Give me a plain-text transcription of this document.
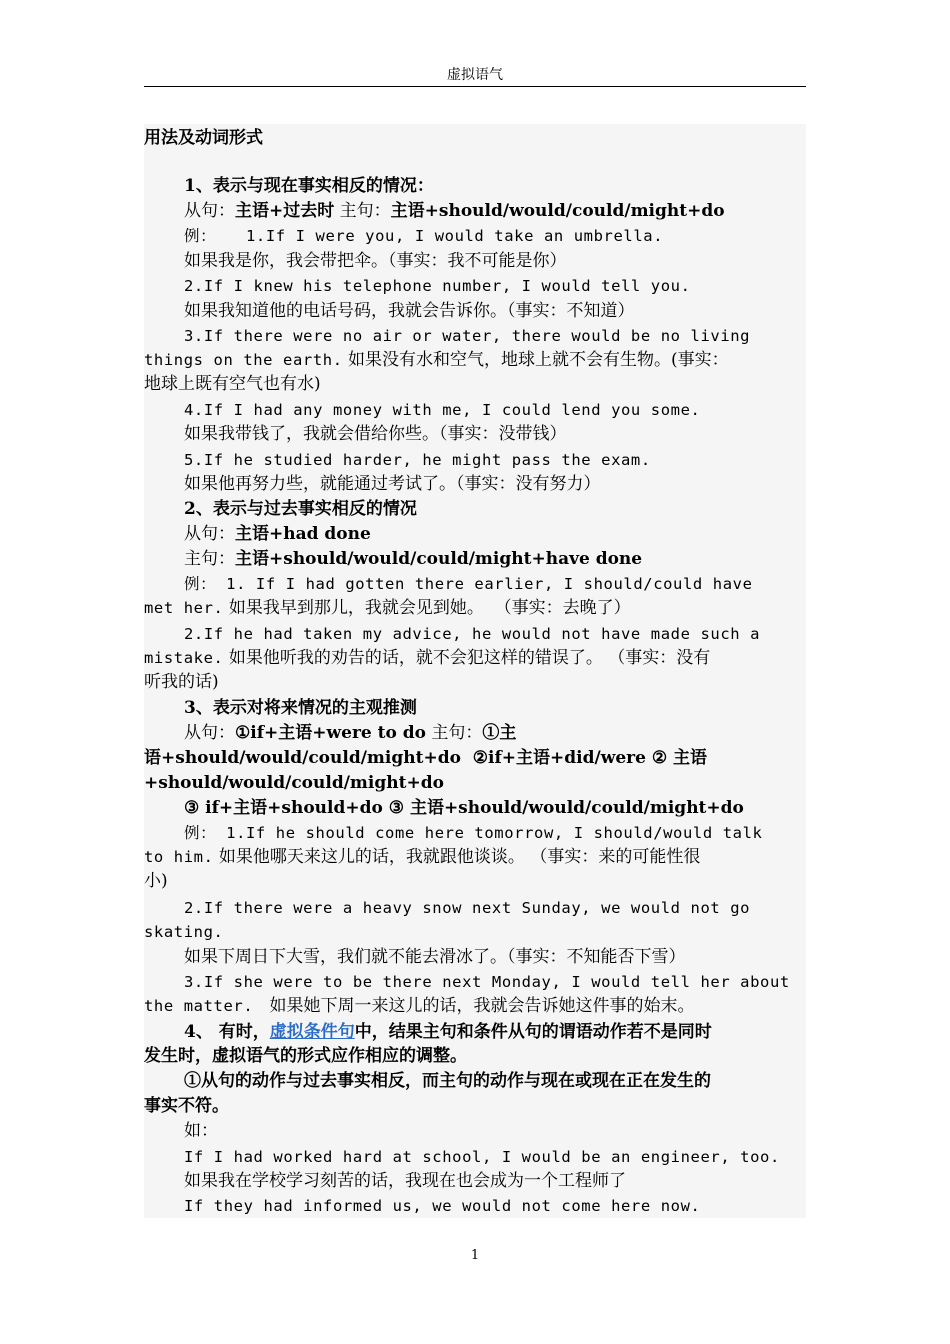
虚拟语气
用法及动词形式
1、表示与现在事实相反的情况：
从句：主语+过去时 主句：主语+should/would/could/might+do
例：   1.If I were you, I would take an umbrella.
如果我是你，我会带把伞。（事实：我不可能是你）
2.If I knew his telephone number, I would tell you.
如果我知道他的电话号码，我就会告诉你。（事实：不知道）
3.If there were no air or water, there would be no living
things on the earth. 如果没有水和空气，地球上就不会有生物。(事实：
地球上既有空气也有水)
4.If I had any money with me, I could lend you some.
如果我带钱了，我就会借给你些。（事实：没带钱）
5.If he studied harder, he might pass the exam.
如果他再努力些，就能通过考试了。（事实：没有努力）
2、表示与过去事实相反的情况
从句：主语+had done
主句：主语+should/would/could/might+have done
例： 1. If I had gotten there earlier, I should/could have
met her. 如果我早到那儿，我就会见到她。  （事实：去晚了）
2.If he had taken my advice, he would not have made such a
mistake. 如果他听我的劝告的话，就不会犯这样的错误了。 （事实：没有
听我的话)
3、表示对将来情况的主观推测
从句：①if+主语+were to do 主句：①主
语+should/would/could/might+do  ②if+主语+did/were ② 主语
+should/would/could/might+do
③ if+主语+should+do ③ 主语+should/would/could/might+do
例： 1.If he should come here tomorrow, I should/would talk
to him. 如果他哪天来这儿的话，我就跟他谈谈。 （事实：来的可能性很
小)
2.If there were a heavy snow next Sunday, we would not go
skating.
如果下周日下大雪，我们就不能去滑冰了。（事实：不知能否下雪）
3.If she were to be there next Monday, I would tell her about
the matter.   如果她下周一来这儿的话，我就会告诉她这件事的始末。
4、 有时，虚拟条件句中，结果主句和条件从句的谓语动作若不是同时
发生时，虚拟语气的形式应作相应的调整。
①从句的动作与过去事实相反，而主句的动作与现在或现在正在发生的
事实不符。
如：
If I had worked hard at school, I would be an engineer, too.
如果我在学校学习刻苦的话，我现在也会成为一个工程师了
If they had informed us, we would not come here now.
1
